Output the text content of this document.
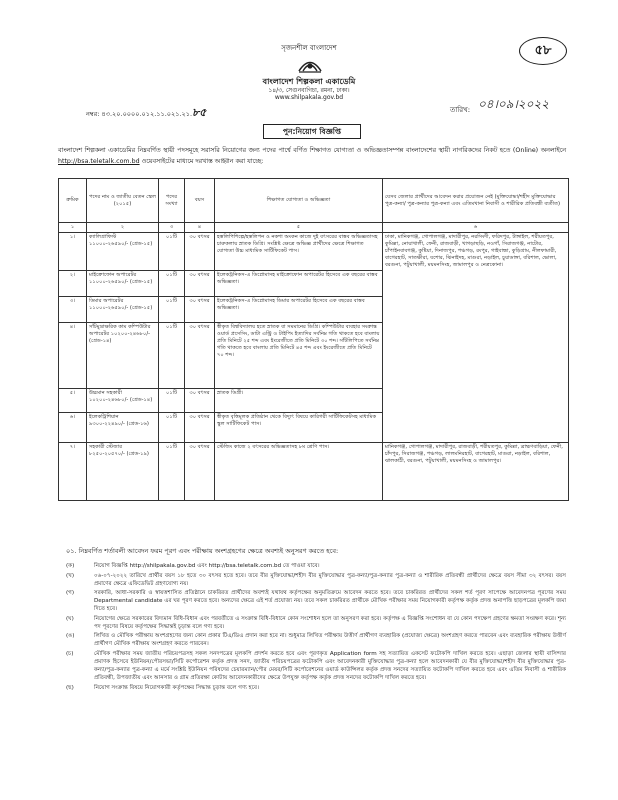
সৃজনশীল বাংলাদেশ	৫৮
বাংলাদেশ শিল্পকলা একাডেমি
১৪/৩, সেগুনবাগিচা, রমনা, ঢাকা।
www.shilpakala.gov.bd
নম্বর: ৪৩.২০.০০০০.০১২.১১.০২১.২১.৮৫	তারিখ: ০৪।০৯।২০২২
পুন:নিয়োগ বিজ্ঞপ্তি
বাংলাদেশ শিল্পকলা একাডেমির নিম্নবর্ণিত স্থায়ী পদসমূহে সরাসরি নিয়োগের জন্য পদের পার্শ্বে বর্ণিত শিক্ষাগত যোগ্যতা ও অভিজ্ঞতাসম্পন্ন বাংলাদেশের স্থায়ী নাগরিকদের নিকট হতে (Online) অনলাইনে http://bsa.teletalk.com.bd ওয়েবসাইটের মাধ্যমে দরখাস্ত আহ্বান করা যাচ্ছে:
ক্রমিক	পদের নাম ও জাতীয় বেতন স্কেল (২০১৫)	পদের সংখ্যা	বয়স	শিক্ষাগত যোগ্যতা ও অভিজ্ঞতা	যেসব জেলার প্রার্থীদের আবেদন করার প্রয়োজন নেই (মুক্তিযোদ্ধা/শহীদ মুক্তিযোদ্ধার পুত্র-কন্যা/ পুত্র-কন্যার পুত্র-কন্যা এবং এতিমখানা নিবাসী ও শারীরিক প্রতিবন্ধী ব্যতীত)
১	২	৩	৪	৫	৬
১।	ক্যালিগ্রাফিস্ট ১১০০০-২৬৫৯০/- (গ্রেড-১৫)	০১টি	৩০ বৎসর	হস্তলিপিশিল্পে/হস্তলিপন ও নকশা অংকন কাজে দুই বৎসরের বাস্তব অভিজ্ঞতাসহ চারুকলায় স্নাতক ডিগ্রি। সংশ্লিষ্ট ক্ষেত্রে অভিজ্ঞ প্রার্থীদের ক্ষেত্রে শিক্ষাগত যোগ্যতা উচ্চ মাধ্যমিক সার্টিফিকেট পাস।	ঢাকা, মানিকগঞ্জ, গোপালগঞ্জ, মাদারীপুর, নরসিংদী, ফরিদপুর, টাঙ্গাইল, শরীয়তপুর, কুমিল্লা, নোয়াখালী, ফেনী, রাজবাড়ী, খাগড়াছড়ি, নওগাঁ, সিরাজগঞ্জ, নাটোর, চাঁপাইনবাবগঞ্জ, কুষ্টিয়া, দিনাজপুর, পঞ্চগড়, রংপুর, গাইবান্ধা, কুড়িগ্রাম, নীলফামারী, বাগেরহাট, সাতক্ষীরা, যশোর, ঝিনাইদহ, মাগুরা, নড়াইল, চুয়াডাঙ্গা, বরিশাল, ভোলা, বরগুনা, পটুয়াখালী, ময়মনসিংহ, জামালপুর ও নেত্রকোনা।
২।	মাইক্রোফোন অপারেটর ১১০০০-২৬৫৯০/- (গ্রেড-১৫)	০১টি	৩০ বৎসর	ইলেকট্রনিকস-এ ডিপ্লোমাসহ মাইক্রোফোন অপারেটর হিসেবে এক বছরের বাস্তব অভিজ্ঞতা।	
৩।	ডিমার অপারেটর ১১০০০-২৬৫৯০/- (গ্রেড-১৫)	০১টি	৩০ বৎসর	ইলেকট্রনিকস-এ ডিপ্লোমাসহ ডিমার অপারেটর হিসেবে এক বছরের বাস্তব অভিজ্ঞতা।	
৪।	সাঁটমুদ্রাক্ষরিক কাম কম্পিউটার অপারেটর ১০২০০-২৪৬৮০/- (গ্রেড-১৪)	০১টি	৩০ বৎসর	স্বীকৃত বিশ্ববিদ্যালয় হতে স্নাতক বা সমমানের ডিগ্রি। কম্পিউটার ব্যবহার সংক্রান্ত ওয়ার্ড প্রসেসিং, ডাটা এন্ট্রি ও টাইপিং ইত্যাদির সর্বনিম্ন গতি থাকতে হবে বাংলায় প্রতি মিনিটে ২৫ শব্দ এবং ইংরেজীতে প্রতি মিনিটে ৩০ শব্দ। সাঁটলিপিতে সর্বনিম্ন গতি থাকতে হবে বাংলায় প্রতি মিনিটে ৪৫ শব্দ এবং ইংরেজীতে প্রতি মিনিটে ৭০ শব্দ।	
৫।	উচ্চমান সহকারী ১০২০০-২৪৬৮০/- (গ্রেড-১৪)	০১টি	৩০ বৎসর	স্নাতক ডিগ্রী।	
৬।	ইলেকট্রিশিয়ান ৯৩০০-২২৪৯০/- (গ্রেড-১৬)	০১টি	৩০ বৎসর	স্বীকৃত বৃত্তিমূলক প্রতিষ্ঠান থেকে বিদ্যুৎ বিষয়ে কারিগরী সার্টিফিকেটসহ মাধ্যমিক স্কুল সার্টিফিকেট পাস।	
৭।	সহকারী স্টেজার ৮২৫০-২০৫৭০/- (গ্রেড-১৯)	০১টি	৩০ বৎসর	স্টেজিং কাজে ২ বৎসরের অভিজ্ঞতাসহ ৮ম শ্রেণি পাস।	মানিকগঞ্জ, গোপালগঞ্জ, মাদারীপুর, রাজবাড়ী, শরীয়তপুর, কুমিল্লা, ব্রাহ্মণবাড়িয়া, ফেনী, চাঁদপুর, সিরাজগঞ্জ, পঞ্চগড়, লালমনিরহাট, বাগেরহাট, মাগুরা, নড়াইল, বরিশাল, ঝালকাঠী, বরগুনা, পটুয়াখালী, ময়মনসিংহ ও জামালপুর।
০১. নিম্নবর্ণিত শর্তাবলী আবেদন ফরম পূরণ এবং পরীক্ষায় অংশগ্রহণের ক্ষেত্রে অবশ্যই অনুসরণ করতে হবে:
(ক)	নিয়োগ বিজ্ঞপ্তি http://shilpakala.gov.bd এবং http://bsa.teletalk.com.bd তে পাওয়া যাবে।
(খ)	০৬-০৭-২০২২ তারিখে প্রার্থীর বয়স ১৮ হতে ৩০ বৎসর হতে হবে। তবে বীর মুক্তিযোদ্ধা/শহীদ বীর মুক্তিযোদ্ধার পুত্র-কন্যা/পুত্র-কন্যার পুত্র-কন্যা ও শারীরিক প্রতিবন্ধী প্রার্থীদের ক্ষেত্রে বয়স সীমা ৩২ বৎসর। বয়স প্রমাণের ক্ষেত্রে এফিডেভিট গ্রহণযোগ্য নয়।
(গ)	সরকারি, আধা-সরকারি ও স্বায়ত্তশাসিত প্রতিষ্ঠানে চাকরিরত প্রার্থীদের অবশ্যই যথাযথ কর্তৃপক্ষের অনুমতিক্রমে আবেদন করতে হবে। তবে চাকরিরত প্রার্থীদের সকল শর্ত পূরণ সাপেক্ষে আবেদনপত্র পূরণের সময় Departmental candidate এর ঘর পূরণ করতে হবে। অন্যদের ক্ষেত্রে এই শর্ত প্রযোজ্য নয়। তবে সকল চাকরিরত প্রার্থীকে মৌখিক পরীক্ষার সময় নিয়োগকারী কর্তৃপক্ষ কর্তৃক প্রদত্ত অনাপত্তি ছাড়পত্রের মূলকপি জমা দিতে হবে।
(ঘ)	নিয়োগের ক্ষেত্রে সরকারের বিদ্যমান বিধি-বিধান এবং পরবর্তীতে এ সংক্রান্ত বিধি-বিধানে কোন সংশোধন হলে তা অনুসরণ করা হবে। কর্তৃপক্ষ এ বিজ্ঞপ্তি সংশোধন বা যে কোন পদক্ষেপ গ্রহণের ক্ষমতা সংরক্ষণ করে। শূন্য পদ পূরণের বিষয়ে কর্তৃপক্ষের সিদ্ধান্তই চূড়ান্ত বলে গণ্য হবে।
(ঙ)	লিখিত ও মৌখিক পরীক্ষায় অংশগ্রহণের জন্য কোন প্রকার টিএ/ডিএ প্রদান করা হবে না। শুধুমাত্র লিখিত পরীক্ষায় উত্তীর্ণ প্রার্থীগণ ব্যবহারিক (প্রযোজ্য ক্ষেত্রে) অংশগ্রহণ করতে পারবেন এবং ব্যবহারিক পরীক্ষায় উত্তীর্ণ প্রার্থীগণ মৌখিক পরীক্ষায় অংশগ্রহণ করতে পারবেন।
(চ)	মৌখিক পরীক্ষার সময় জাতীয় পরিচয়পত্রসহ সকল সনদপত্রের মূলকপি প্রদর্শন করতে হবে এবং পূরণকৃত Application form সহ সত্যায়িত একসেট ফটোকপি দাখিল করতে হবে। এছাড়া জেলার স্থায়ী বাসিন্দার প্রমাণক হিসেবে ইউনিয়ন/পৌরসভা/সিটি কর্পোরেশন কর্তৃক প্রদত্ত সনদ, জাতীয় পরিচয়পত্রের ফটোকপি এবং আবেদনকারী মুক্তিযোদ্ধার পুত্র-কন্যা হলে আবেদনকারী যে বীর মুক্তিযোদ্ধা/শহীদ বীর মুক্তিযোদ্ধার পুত্র-কন্যা/পুত্র-কন্যার পুত্র-কন্যা এ মর্মে সংশ্লিষ্ট ইউনিয়ন পরিষদের চেয়ারম্যান/পৌর মেয়র/সিটি কর্পোরেশনের ওয়ার্ড কাউন্সিলর কর্তৃক প্রদত্ত সনদের সত্যায়িত ফটোকপি দাখিল করতে হবে এবং এতিম নিবাসী ও শারীরিক প্রতিবন্ধী, উপজাতীয় এবং আনসার ও গ্রাম প্রতিরক্ষা কোটায় আবেদনকারীদের ক্ষেত্রে উপযুক্ত কর্তৃপক্ষ কর্তৃক প্রদত্ত সনদের ফটোকপি দাখিল করতে হবে।
(ছ)	নিয়োগ সংক্রান্ত বিষয়ে নিয়োগকারী কর্তৃপক্ষের সিদ্ধান্ত চূড়ান্ত বলে গণ্য হবে।
